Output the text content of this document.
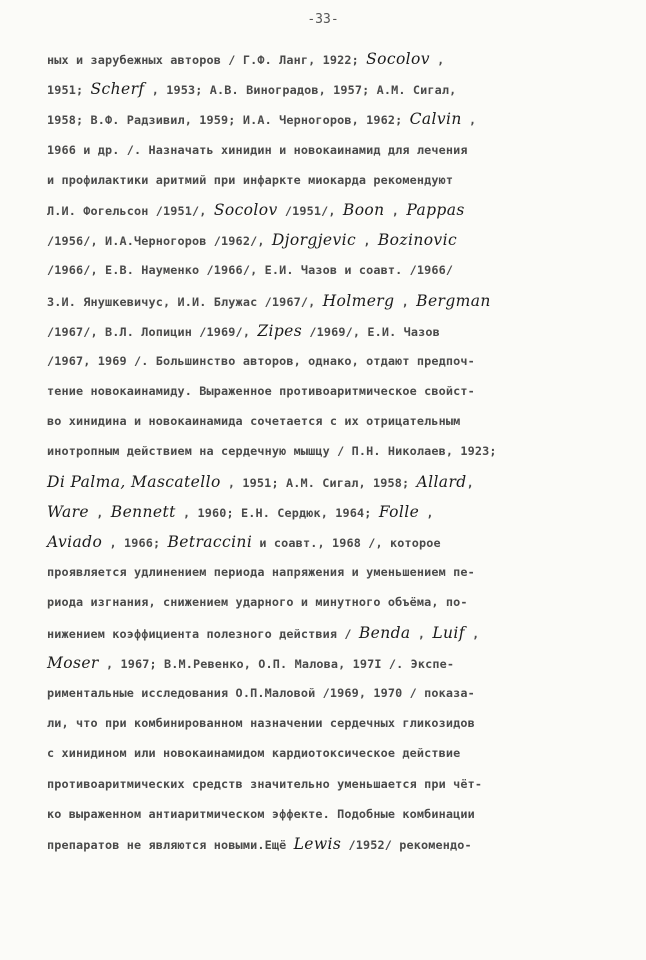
-33-
ных и зарубежных авторов / Г.Ф. Ланг, 1922; Socolov ,
1951; Scherf , 1953; А.В. Виноградов, 1957; А.М. Сигал,
1958; В.Ф. Радзивил, 1959; И.А. Черногоров, 1962; Calvin ,
1966 и др. /. Назначать хинидин и новокаинамид для лечения
и профилактики аритмий при инфаркте миокарда рекомендуют
Л.И. Фогельсон /1951/, Socolov /1951/, Boon , Pappas
/1956/, И.А.Черногоров /1962/, Djorgjevic , Bozinovic
/1966/, Е.В. Науменко /1966/, Е.И. Чазов и соавт. /1966/
З.И. Янушкевичус, И.И. Блужас /1967/, Holmerg , Bergman
/1967/, В.Л. Лопицин /1969/, Zipes /1969/, Е.И. Чазов
/1967, 1969 /. Большинство авторов, однако, отдают предпоч-
тение новокаинамиду. Выраженное противоаритмическое свойст-
во хинидина и новокаинамида сочетается с их отрицательным
инотропным действием на сердечную мышцу / П.Н. Николаев, 1923;
Di Palma, Mascatello , 1951; А.М. Сигал, 1958; Allard,
Ware , Bennett , 1960; Е.Н. Сердюк, 1964; Folle ,
Aviado , 1966; Betraccini и соавт., 1968 /, которое
проявляется удлинением периода напряжения и уменьшением пе-
риода изгнания, снижением ударного и минутного объёма, по-
нижением коэффициента полезного действия / Benda , Luif ,
Moser , 1967; В.М.Ревенко, О.П. Малова, 197I /. Экспе-
риментальные исследования О.П.Маловой /1969, 1970 / показа-
ли, что при комбинированном назначении сердечных гликозидов
с хинидином или новокаинамидом кардиотоксическое действие
противоаритмических средств значительно уменьшается при чёт-
ко выраженном антиаритмическом эффекте. Подобные комбинации
препаратов не являются новыми.Ещё Lewis /1952/ рекомендо-
